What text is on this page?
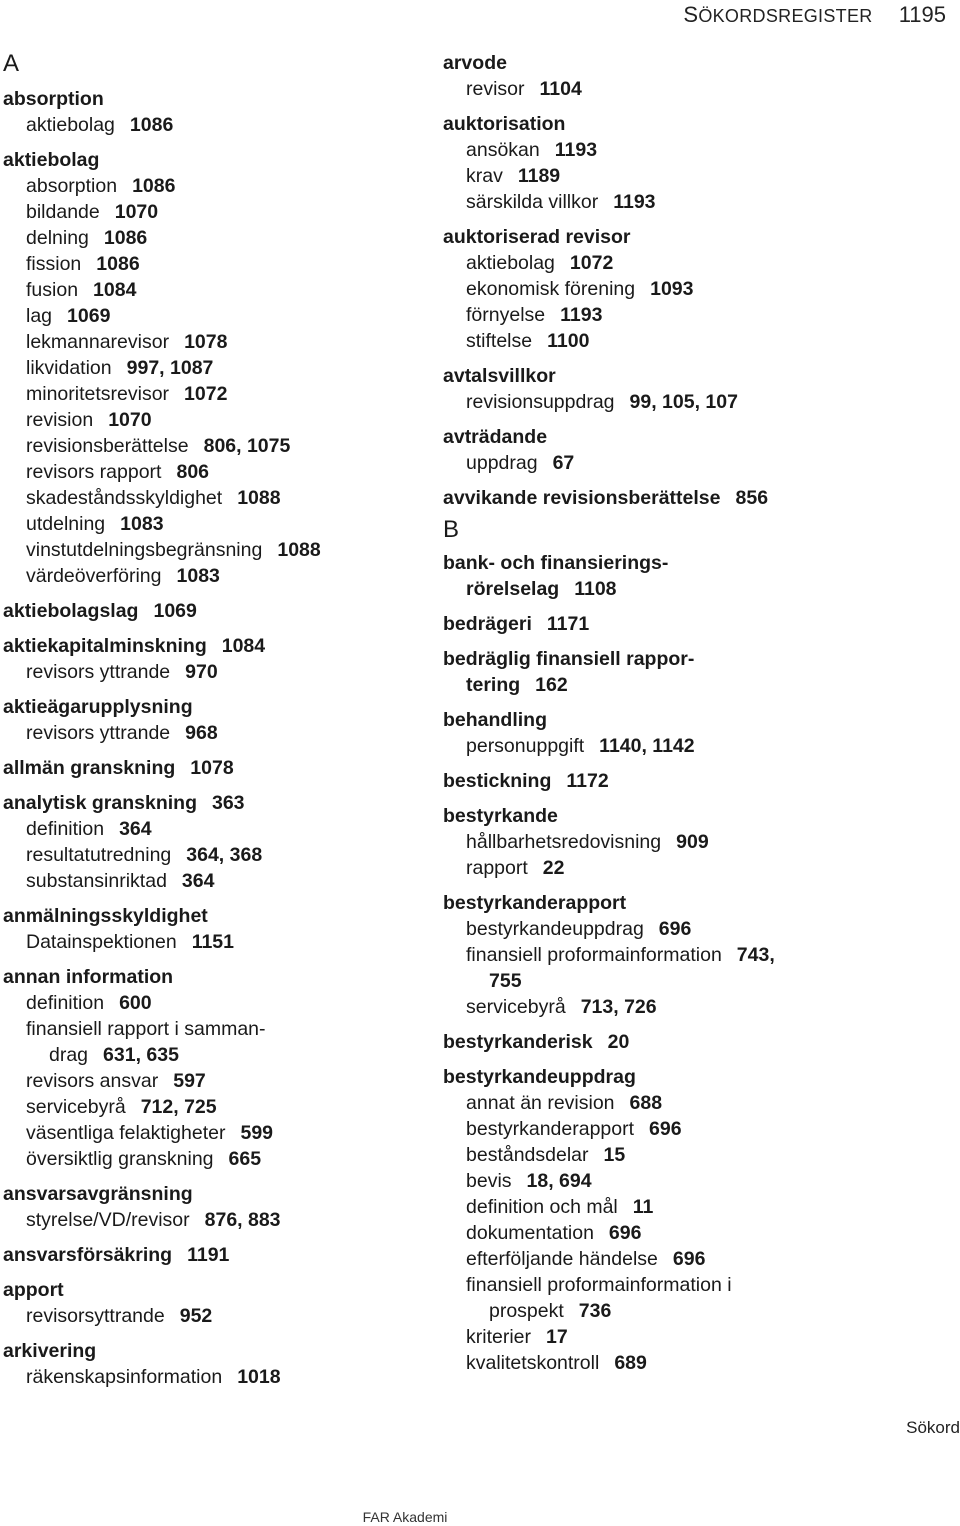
SÖKORDSREGISTER 1195
A
absorption
aktiebolag 1086
aktiebolag
absorption 1086
bildande 1070
delning 1086
fission 1086
fusion 1084
lag 1069
lekmannarevisor 1078
likvidation 997, 1087
minoritetsrevisor 1072
revision 1070
revisionsberättelse 806, 1075
revisors rapport 806
skadeståndsskyldighet 1088
utdelning 1083
vinstutdelningsbegränsning 1088
värdeöverföring 1083
aktiebolagslag 1069
aktiekapitalminskning 1084
revisors yttrande 970
aktieägarupplysning
revisors yttrande 968
allmän granskning 1078
analytisk granskning 363
definition 364
resultatutredning 364, 368
substansinriktad 364
anmälningsskyldighet
Datainspektionen 1151
annan information
definition 600
finansiell rapport i samman-
drag 631, 635
revisors ansvar 597
servicebyrå 712, 725
väsentliga felaktigheter 599
översiktlig granskning 665
ansvarsavgränsning
styrelse/VD/revisor 876, 883
ansvarsförsäkring 1191
apport
revisorsyttrande 952
arkivering
räkenskapsinformation 1018
arvode
revisor 1104
auktorisation
ansökan 1193
krav 1189
särskilda villkor 1193
auktoriserad revisor
aktiebolag 1072
ekonomisk förening 1093
förnyelse 1193
stiftelse 1100
avtalsvillkor
revisionsuppdrag 99, 105, 107
avträdande
uppdrag 67
avvikande revisionsberättelse 856
B
bank- och finansierings-
rörelselag 1108
bedrägeri 1171
bedräglig finansiell rappor-
tering 162
behandling
personuppgift 1140, 1142
bestickning 1172
bestyrkande
hållbarhetsredovisning 909
rapport 22
bestyrkanderapport
bestyrkandeuppdrag 696
finansiell proformainformation 743,
755
servicebyrå 713, 726
bestyrkanderisk 20
bestyrkandeuppdrag
annat än revision 688
bestyrkanderapport 696
beståndsdelar 15
bevis 18, 694
definition och mål 11
dokumentation 696
efterföljande händelse 696
finansiell proformainformation i
prospekt 736
kriterier 17
kvalitetskontroll 689
Sökord
FAR Akademi
